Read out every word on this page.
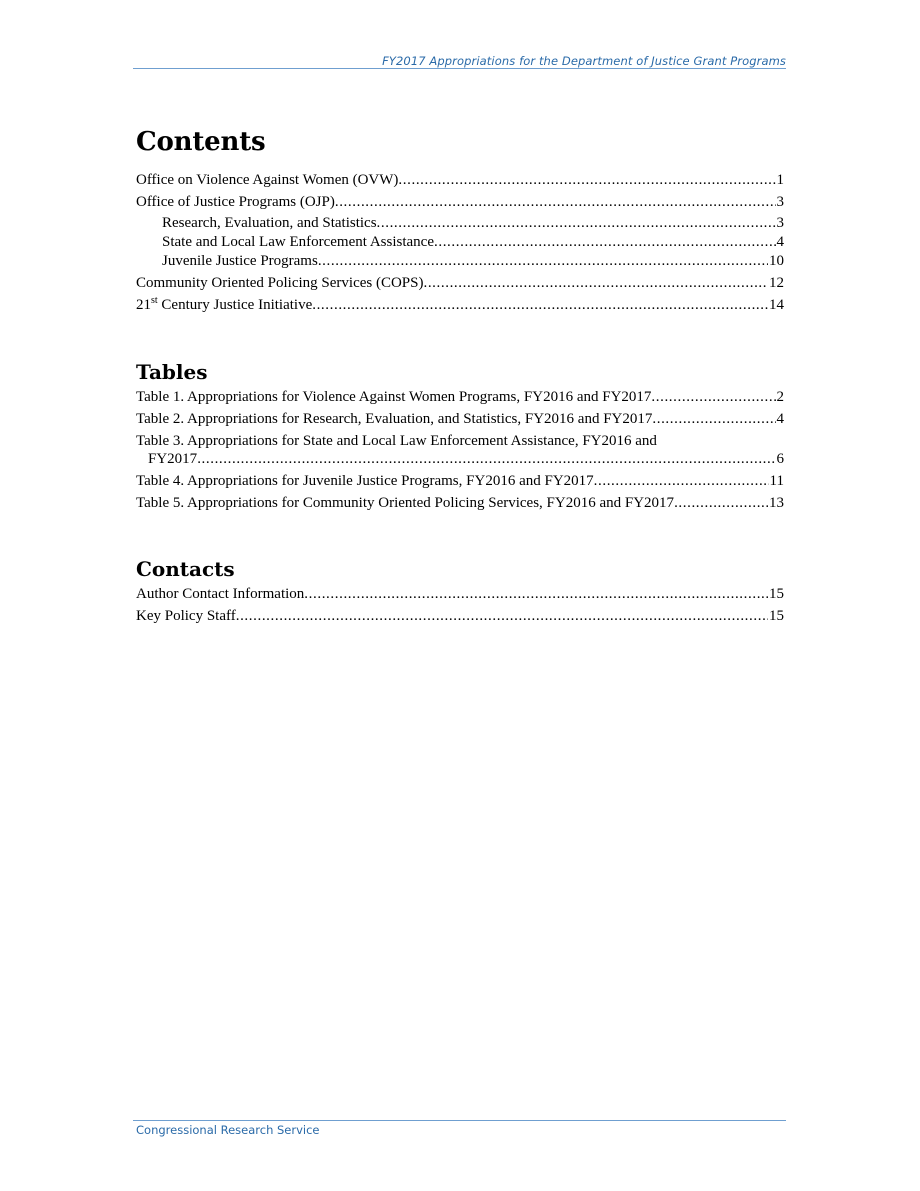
FY2017 Appropriations for the Department of Justice Grant Programs
Contents
Office on Violence Against Women (OVW) .....	1
Office of Justice Programs (OJP) .....	3
Research, Evaluation, and Statistics .....	3
State and Local Law Enforcement Assistance .....	4
Juvenile Justice Programs .....	10
Community Oriented Policing Services (COPS) .....	12
21st Century Justice Initiative .....	14
Tables
Table 1. Appropriations for Violence Against Women Programs, FY2016 and FY2017 .....	2
Table 2. Appropriations for Research, Evaluation, and Statistics, FY2016 and FY2017 .....	4
Table 3. Appropriations for State and Local Law Enforcement Assistance, FY2016 and
FY2017 .....	6
Table 4. Appropriations for Juvenile Justice Programs, FY2016 and FY2017 .....	11
Table 5. Appropriations for Community Oriented Policing Services, FY2016 and FY2017 .....	13
Contacts
Author Contact Information .....	15
Key Policy Staff .....	15
Congressional Research Service
